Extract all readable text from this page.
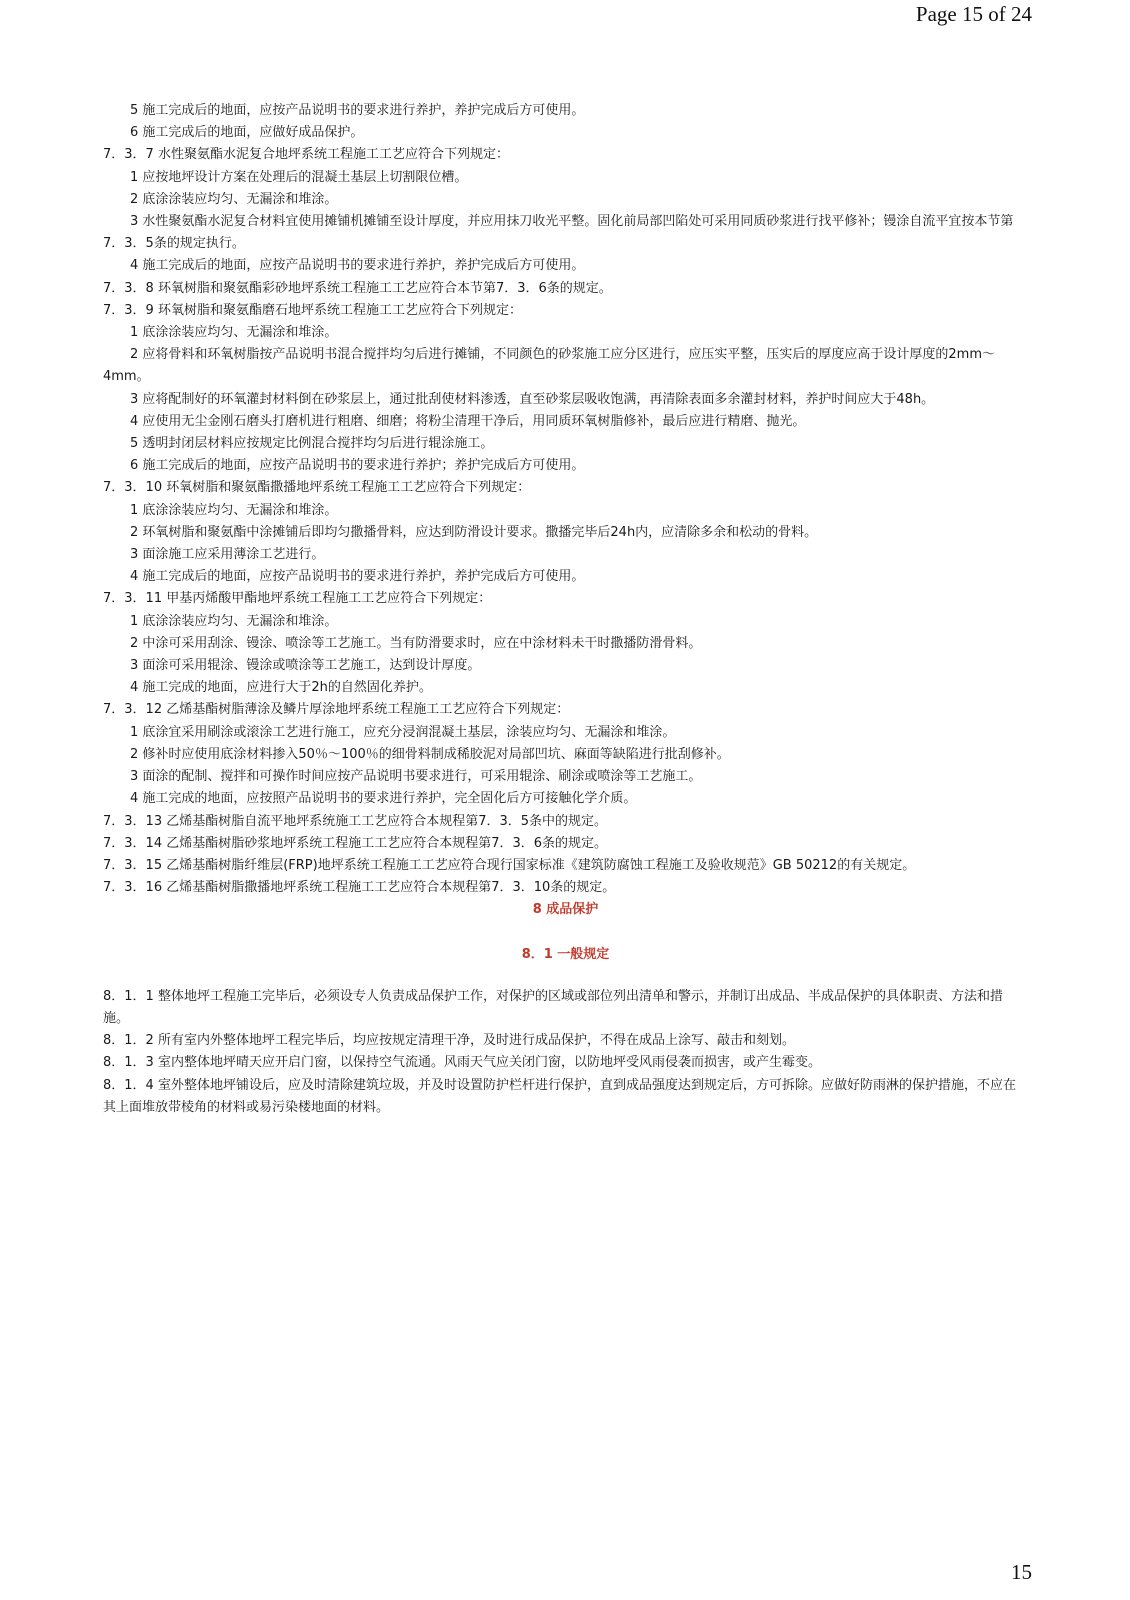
Page 15 of 24

5 施工完成后的地面，应按产品说明书的要求进行养护，养护完成后方可使用。

6 施工完成后的地面，应做好成品保护。

7．3．7 水性聚氨酯水泥复合地坪系统工程施工工艺应符合下列规定：

1 应按地坪设计方案在处理后的混凝土基层上切割限位槽。

2 底涂涂装应均匀、无漏涂和堆涂。

3 水性聚氨酯水泥复合材料宜使用摊铺机摊铺至设计厚度，并应用抹刀收光平整。固化前局部凹陷处可采用同质砂浆进行找平修补；镘涂自流平宜按本节第7．3．5条的规定执行。

4 施工完成后的地面，应按产品说明书的要求进行养护，养护完成后方可使用。

7．3．8 环氧树脂和聚氨酯彩砂地坪系统工程施工工艺应符合本节第7．3．6条的规定。

7．3．9 环氧树脂和聚氨酯磨石地坪系统工程施工工艺应符合下列规定：

1 底涂涂装应均匀、无漏涂和堆涂。

2 应将骨料和环氧树脂按产品说明书混合搅拌均匀后进行摊铺，不同颜色的砂浆施工应分区进行，应压实平整，压实后的厚度应高于设计厚度的2mm～4mm。

3 应将配制好的环氧灌封材料倒在砂浆层上，通过批刮使材料渗透，直至砂浆层吸收饱满，再清除表面多余灌封材料，养护时间应大于48h。

4 应使用无尘金刚石磨头打磨机进行粗磨、细磨；将粉尘清理干净后，用同质环氧树脂修补，最后应进行精磨、抛光。

5 透明封闭层材料应按规定比例混合搅拌均匀后进行辊涂施工。

6 施工完成后的地面，应按产品说明书的要求进行养护；养护完成后方可使用。

7．3．10 环氧树脂和聚氨酯撒播地坪系统工程施工工艺应符合下列规定：

1 底涂涂装应均匀、无漏涂和堆涂。

2 环氧树脂和聚氨酯中涂摊铺后即均匀撒播骨料，应达到防滑设计要求。撒播完毕后24h内，应清除多余和松动的骨料。

3 面涂施工应采用薄涂工艺进行。

4 施工完成后的地面，应按产品说明书的要求进行养护，养护完成后方可使用。

7．3．11 甲基丙烯酸甲酯地坪系统工程施工工艺应符合下列规定：

1 底涂涂装应均匀、无漏涂和堆涂。

2 中涂可采用刮涂、镘涂、喷涂等工艺施工。当有防滑要求时，应在中涂材料未干时撒播防滑骨料。

3 面涂可采用辊涂、镘涂或喷涂等工艺施工，达到设计厚度。

4 施工完成的地面，应进行大于2h的自然固化养护。

7．3．12 乙烯基酯树脂薄涂及鳞片厚涂地坪系统工程施工工艺应符合下列规定：

1 底涂宜采用刷涂或滚涂工艺进行施工，应充分浸润混凝土基层，涂装应均匀、无漏涂和堆涂。

2 修补时应使用底涂材料掺入50％～100％的细骨料制成稀胶泥对局部凹坑、麻面等缺陷进行批刮修补。

3 面涂的配制、搅拌和可操作时间应按产品说明书要求进行，可采用辊涂、刷涂或喷涂等工艺施工。

4 施工完成的地面，应按照产品说明书的要求进行养护，完全固化后方可接触化学介质。

7．3．13 乙烯基酯树脂自流平地坪系统施工工艺应符合本规程第7．3．5条中的规定。

7．3．14 乙烯基酯树脂砂浆地坪系统工程施工工艺应符合本规程第7．3．6条的规定。

7．3．15 乙烯基酯树脂纤维层(FRP)地坪系统工程施工工艺应符合现行国家标准《建筑防腐蚀工程施工及验收规范》GB 50212的有关规定。

7．3．16 乙烯基酯树脂撒播地坪系统工程施工工艺应符合本规程第7．3．10条的规定。

8 成品保护

8．1 一般规定

8．1．1 整体地坪工程施工完毕后，必须设专人负责成品保护工作，对保护的区域或部位列出清单和警示，并制订出成品、半成品保护的具体职责、方法和措施。

8．1．2 所有室内外整体地坪工程完毕后，均应按规定清理干净，及时进行成品保护，不得在成品上涂写、敲击和刻划。

8．1．3 室内整体地坪晴天应开启门窗，以保持空气流通。风雨天气应关闭门窗，以防地坪受风雨侵袭而损害，或产生霉变。

8．1．4 室外整体地坪铺设后，应及时清除建筑垃圾，并及时设置防护栏杆进行保护，直到成品强度达到规定后，方可拆除。应做好防雨淋的保护措施，不应在其上面堆放带棱角的材料或易污染楼地面的材料。

15
